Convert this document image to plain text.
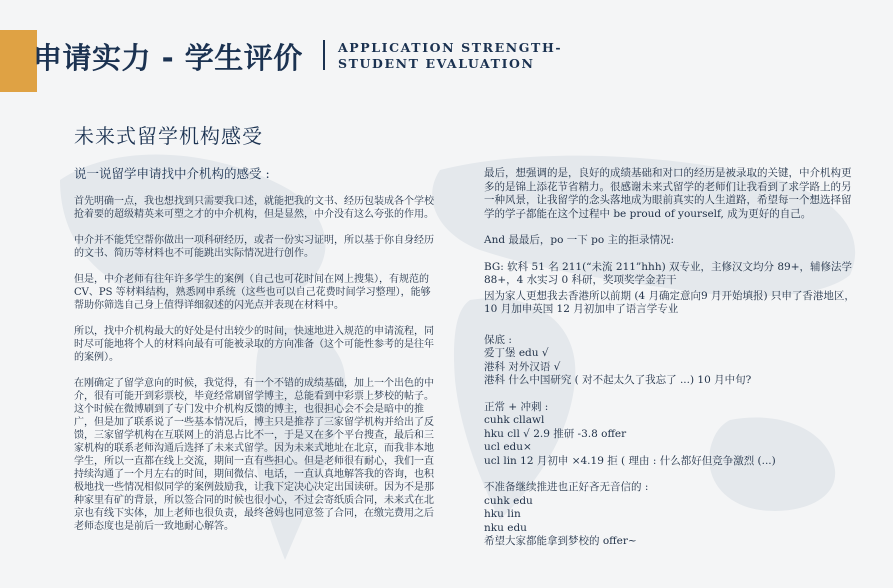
申请实力 - 学生评价	APPLICATION STRENGTH-
STUDENT EVALUATION
未来式留学机构感受
说一说留学申请找中介机构的感受 :

首先明确一点，我也想找到只需要我口述，就能把我的文书、经历包装成各个学校抢着要的超级精英来可塑之才的中介机构，但是显然，中介没有这么夸张的作用。

中介并不能凭空帮你做出一项科研经历，或者一份实习证明，所以基于你自身经历的文书、简历等材料也不可能跳出实际情况进行创作。

但是，中介老师有往年许多学生的案例（自己也可花时间在网上搜集），有规范的 CV、PS 等材料结构，熟悉网申系统（这些也可以自己花费时间学习整理），能够帮助你筛选自己身上值得详细叙述的闪光点并表现在材料中。

所以，找中介机构最大的好处是付出较少的时间，快速地进入规范的申请流程，同时尽可能地将个人的材料向最有可能被录取的方向准备（这个可能性参考的是往年的案例）。

在刚确定了留学意向的时候，我觉得，有一个不错的成绩基础，加上一个出色的中介，很有可能开到彩票校，毕竟经常刷留学博主，总能看到中彩票上梦校的帖子。这个时候在微博刷到了专门发中介机构反馈的博主，也很担心会不会是暗中的推广，但是加了联系说了一些基本情况后，博主只是推荐了三家留学机构并给出了反馈，三家留学机构在互联网上的消息占比不一，于是又在多个平台搜查，最后和三家机构的联系老师沟通后选择了未来式留学。因为未来式地址在北京，而我非本地学生，所以一直都在线上交流，期间一直有些担心。但是老师很有耐心，我们一直持续沟通了一个月左右的时间，期间微信、电话，一直认真地解答我的咨询，也积极地找一些情况相似同学的案例鼓励我，让我下定决心决定出国读研。因为不是那种家里有矿的背景，所以签合同的时候也很小心，不过会寄纸质合同，未来式在北京也有线下实体，加上老师也很负责，最终爸妈也同意签了合同，在缴完费用之后老师态度也是前后一致地耐心解答。

最后，想强调的是，良好的成绩基础和对口的经历是被录取的关键，中介机构更多的是锦上添花节省精力。很感谢未来式留学的老师们让我看到了求学路上的另一种风景，让我留学的念头落地成为眼前真实的人生道路，希望每一个想选择留学的学子都能在这个过程中 be proud of yourself, 成为更好的自己。

And 最最后，po 一下 po 主的拒录情况:

BG: 软科 51 名 211(“未流 211”hhh) 双专业，主修汉文均分 89+，辅修法学88+，4 水实习 0 科研，奖项奖学金若干

因为家人更想我去香港所以前期 (4 月确定意向9 月开始填报) 只申了香港地区，10 月加申英国 12 月初加申了语言学专业

保底 :
爱丁堡 edu √
港科 对外汉语 √
港科 什么中国研究 ( 对不起太久了我忘了 ...) 10 月中旬?

正常 + 冲刺 :
cuhk cllawl
hku cll √ 2.9 推研 -3.8 offer
ucl edu×
ucl lin 12 月初申 ×4.19 拒 ( 理由 : 什么都好但竞争激烈 (...)

不准备继续推进也正好吝无音信的 :
cuhk edu
hku lin
nku edu
希望大家都能拿到梦校的 offer~
